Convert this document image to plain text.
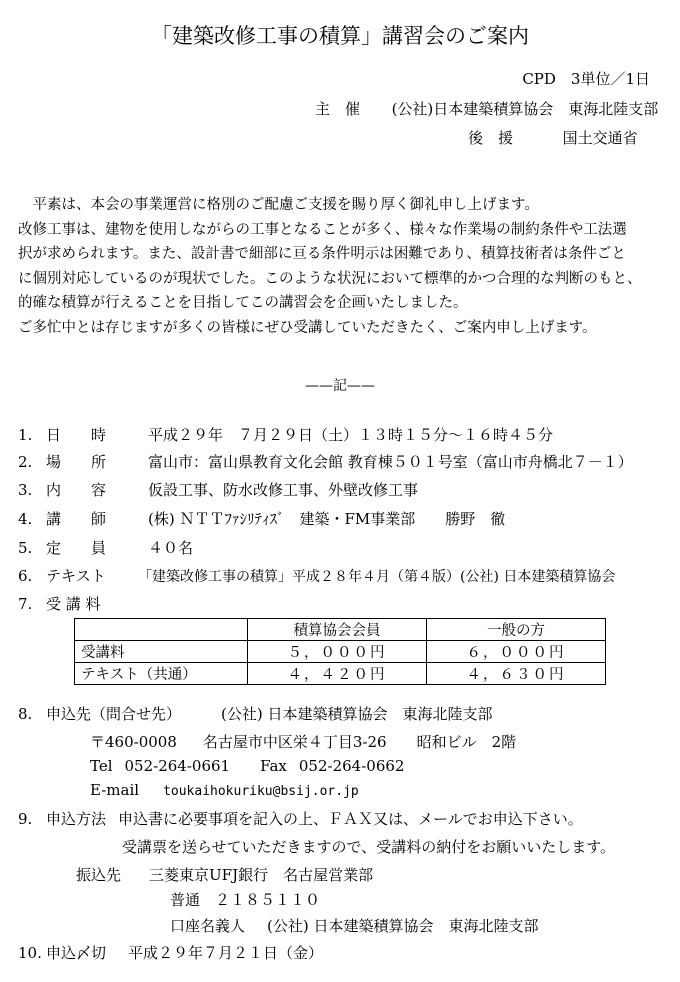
「建築改修工事の積算」講習会のご案内
CPD　3単位／1日
主　催 (公社)日本建築積算協会　東海北陸支部
後　援	国土交通省

　平素は、本会の事業運営に格別のご配慮ご支援を賜り厚く御礼申し上げます。

改修工事は、建物を使用しながらの工事となることが多く、様々な作業場の制約条件や工法選

択が求められます。また、設計書で細部に亘る条件明示は困難であり、積算技術者は条件ごと

に個別対応しているのが現状でした。このような状況において標準的かつ合理的な判断のもと、

的確な積算が行えることを目指してこの講習会を企画いたしました。

ご多忙中とは存じますが多くの皆様にぜひ受講していただきたく、ご案内申し上げます。

——記——
1. 日　　時	平成２９年　７月２９日（土）１３時１５分～１６時４５分
2. 場　　所	富山市：富山県教育文化会館 教育棟５０１号室（富山市舟橋北７－１）
3. 内　　容	仮設工事、防水改修工事、外壁改修工事
4. 講　　師	(株) ＮＴＴﾌｧｼﾘﾃｨｽﾞ　建築・FM事業部　　勝野　徹
5. 定　　員	４０名
6. テキスト 「建築改修工事の積算」平成２８年４月（第４版）(公社) 日本建築積算協会
7. 受 講 料
	積算協会会員	一般の方
受講料	５，０００円	６，０００円
テキスト（共通）	４，４２０円	４，６３０円
8. 申込先（問合せ先）	(公社) 日本建築積算協会　東海北陸支部
〒460-0008 名古屋市中区栄４丁目3-26　　昭和ビル　2階
Tel 052-264-0661 Fax 052-264-0662
E-mail toukaihokuriku@bsij.or.jp
9. 申込方法 申込書に必要事項を記入の上、ＦＡＸ又は、メールでお申込下さい。
受講票を送らせていただきますので、受講料の納付をお願いいたします。
振込先 三菱東京UFJ銀行　名古屋営業部
普通　２１８５１１０
口座名義人 (公社) 日本建築積算協会　東海北陸支部
10. 申込〆切 平成２９年７月２１日（金）
